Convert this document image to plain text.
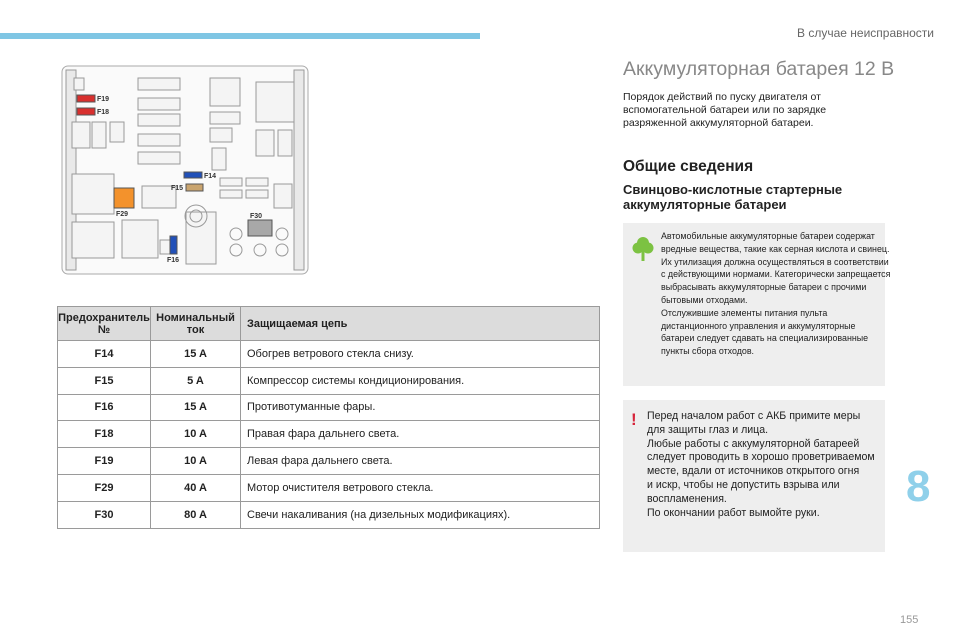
В случае неисправности
F19
F18
F14
F15
F29	F30
F16
Предохранитель №	Номинальный ток	Защищаемая цепь
F14	15 A	Обогрев ветрового стекла снизу.
F15	5 A	Компрессор системы кондиционирования.
F16	15 A	Противотуманные фары.
F18	10 A	Правая фара дальнего света.
F19	10 A	Левая фара дальнего света.
F29	40 A	Мотор очистителя ветрового стекла.
F30	80 A	Свечи накаливания (на дизельных модификациях).
Аккумуляторная батарея 12 В
Порядок действий по пуску двигателя от вспомогательной батареи или по зарядке разряженной аккумуляторной батареи.
Общие сведения
Свинцово-кислотные стартерные аккумуляторные батареи
Автомобильные аккумуляторные батареи содержат
вредные вещества, такие как серная кислота и свинец.
Их утилизация должна осуществляться в соответствии
с действующими нормами. Категорически запрещается
выбрасывать аккумуляторные батареи с прочими
бытовыми отходами.
Отслужившие элементы питания пульта
дистанционного управления и аккумуляторные
батареи следует сдавать на специализированные
пункты сбора отходов.
! Перед началом работ с АКБ примите меры
для защиты глаз и лица.
Любые работы с аккумуляторной батареей
следует проводить в хорошо проветриваемом
месте, вдали от источников открытого огня
и искр, чтобы не допустить взрыва или
воспламенения.
По окончании работ вымойте руки.
8
155
